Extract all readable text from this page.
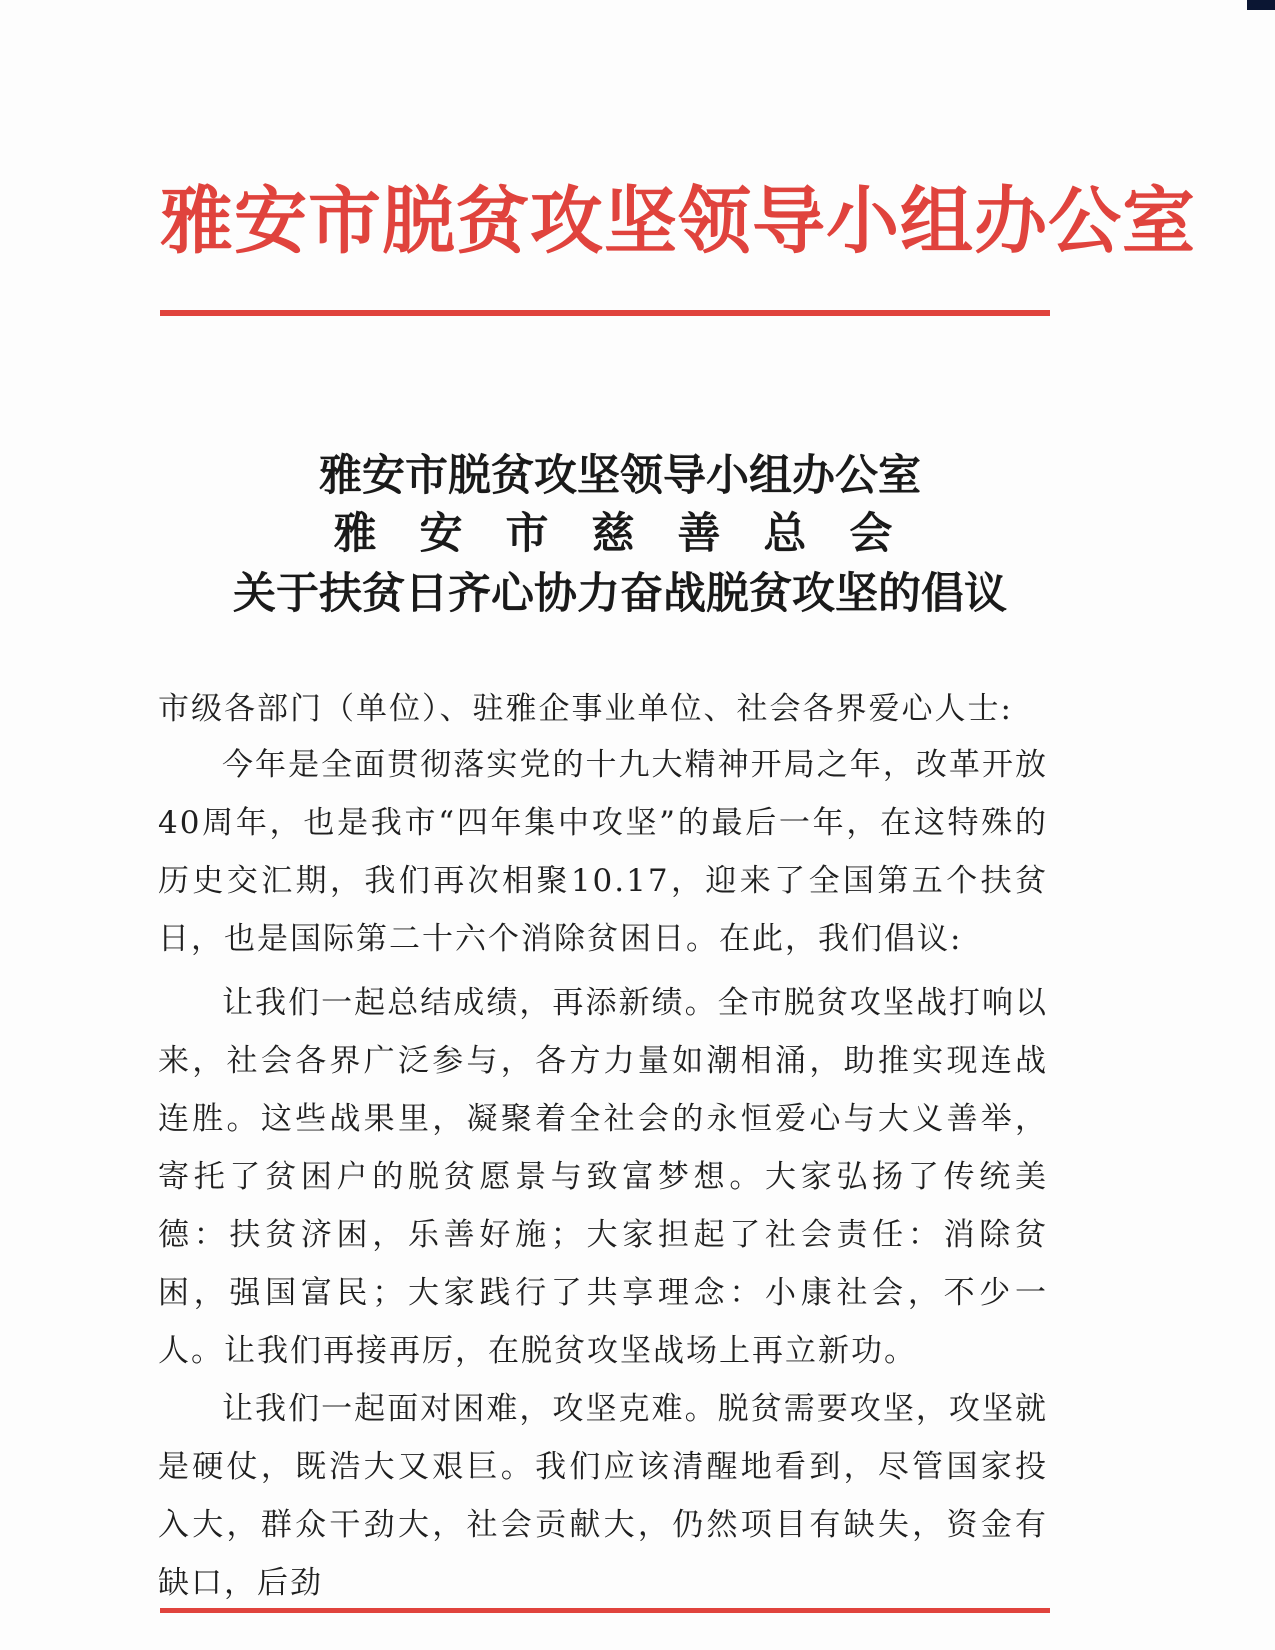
雅安市脱贫攻坚领导小组办公室
雅安市脱贫攻坚领导小组办公室
雅 安 市 慈 善 总 会
关于扶贫日齐心协力奋战脱贫攻坚的倡议
市级各部门（单位）、驻雅企事业单位、社会各界爱心人士:
今年是全面贯彻落实党的十九大精神开局之年，改革开放40周年，也是我市“四年集中攻坚”的最后一年，在这特殊的历史交汇期，我们再次相聚10.17，迎来了全国第五个扶贫日，也是国际第二十六个消除贫困日。在此，我们倡议:
让我们一起总结成绩，再添新绩。全市脱贫攻坚战打响以来，社会各界广泛参与，各方力量如潮相涌，助推实现连战连胜。这些战果里，凝聚着全社会的永恒爱心与大义善举，寄托了贫困户的脱贫愿景与致富梦想。大家弘扬了传统美德：扶贫济困，乐善好施；大家担起了社会责任：消除贫困，强国富民；大家践行了共享理念：小康社会，不少一人。让我们再接再厉，在脱贫攻坚战场上再立新功。
让我们一起面对困难，攻坚克难。脱贫需要攻坚，攻坚就是硬仗，既浩大又艰巨。我们应该清醒地看到，尽管国家投入大，群众干劲大，社会贡献大，仍然项目有缺失，资金有缺口，后劲
